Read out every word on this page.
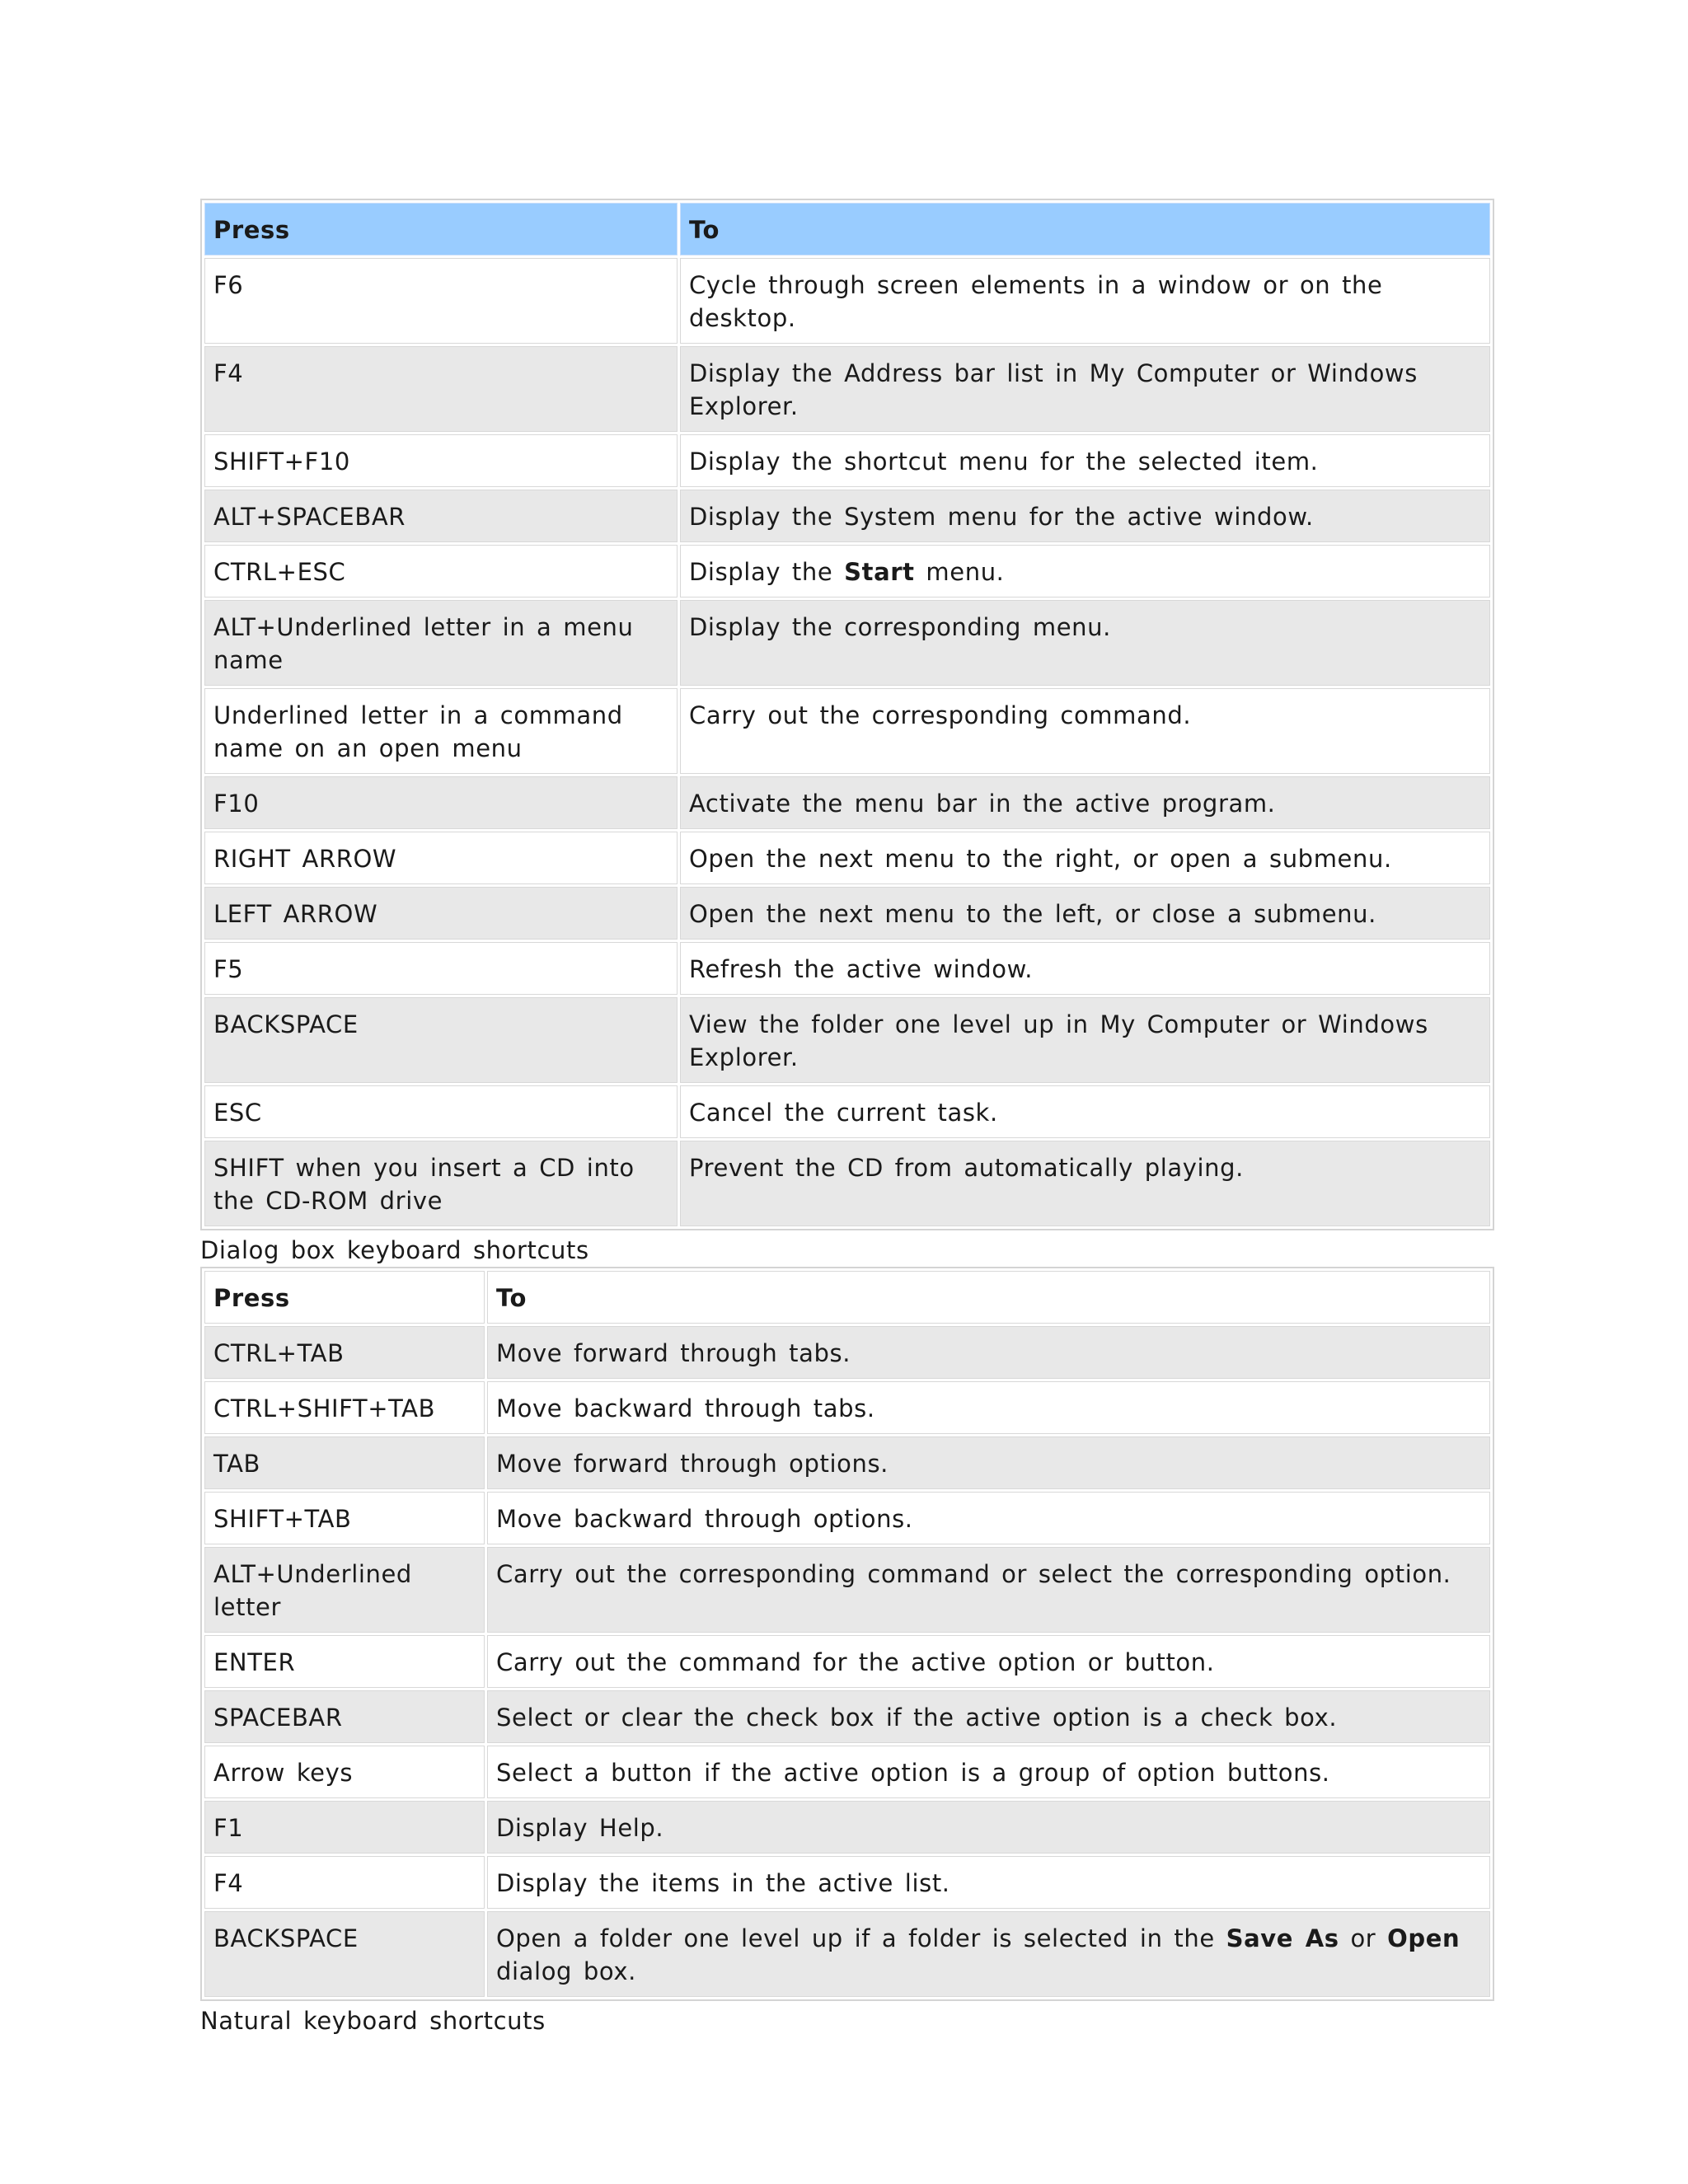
Press	To
F6	Cycle through screen elements in a window or on the desktop.
F4	Display the Address bar list in My Computer or Windows Explorer.
SHIFT+F10	Display the shortcut menu for the selected item.
ALT+SPACEBAR	Display the System menu for the active window.
CTRL+ESC	Display the Start menu.
ALT+Underlined letter in a menu name	Display the corresponding menu.
Underlined letter in a command name on an open menu	Carry out the corresponding command.
F10	Activate the menu bar in the active program.
RIGHT ARROW	Open the next menu to the right, or open a submenu.
LEFT ARROW	Open the next menu to the left, or close a submenu.
F5	Refresh the active window.
BACKSPACE	View the folder one level up in My Computer or Windows Explorer.
ESC	Cancel the current task.
SHIFT when you insert a CD into the CD-ROM drive	Prevent the CD from automatically playing.
Dialog box keyboard shortcuts
Press	To
CTRL+TAB	Move forward through tabs.
CTRL+SHIFT+TAB	Move backward through tabs.
TAB	Move forward through options.
SHIFT+TAB	Move backward through options.
ALT+Underlined letter	Carry out the corresponding command or select the corresponding option.
ENTER	Carry out the command for the active option or button.
SPACEBAR	Select or clear the check box if the active option is a check box.
Arrow keys	Select a button if the active option is a group of option buttons.
F1	Display Help.
F4	Display the items in the active list.
BACKSPACE	Open a folder one level up if a folder is selected in the Save As or Open dialog box.
Natural keyboard shortcuts
